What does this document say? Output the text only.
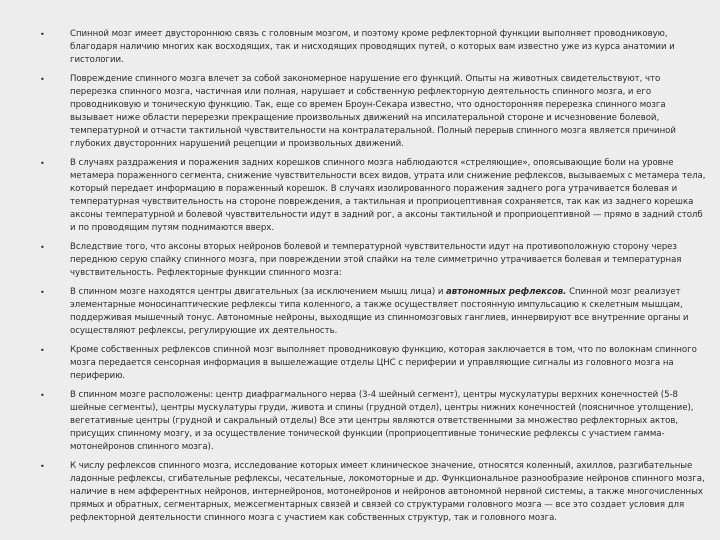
•	Спинной мозг имеет двустороннюю связь с головным мозгом, и поэтому кроме рефлекторной функции выполняет проводниковую, благодаря наличию многих как восходящих, так и нисходящих проводящих путей, о которых вам известно уже из курса анатомии и гистологии.
•	Повреждение спинного мозга влечет за собой закономерное нарушение его функций. Опыты на животных свидетельствуют, что перерезка спинного мозга, частичная или полная, нарушает и собственную рефлекторную деятельность спинного мозга, и его проводниковую и тоническую функцию. Так, еще со времен Броун-Секара известно, что односторонняя перерезка спинного мозга вызывает ниже области перерезки прекращение произвольных движений на ипсилатеральной стороне и исчезновение болевой, температурной и отчасти тактильной чувствительности на контралатеральной. Полный перерыв спинного мозга является причиной глубоких двусторонних нарушений рецепции и произвольных движений.
•	В случаях раздражения и поражения задних корешков спинного мозга наблюдаются «стреляющие», опоясывающие боли на уровне метамера пораженного сегмента, снижение чувствительности всех видов, утрата или снижение рефлексов, вызываемых с метамера тела, который передает информацию в пораженный корешок. В случаях изолированного поражения заднего рога утрачивается болевая и температурная чувствительность на стороне повреждения, а тактильная и проприоцептивная сохраняется, так как из заднего корешка аксоны температурной и болевой чувствительности идут в задний рог, а аксоны тактильной и проприоцептивной — прямо в задний столб и по проводящим путям поднимаются вверх.
•	Вследствие того, что аксоны вторых нейронов болевой и температурной чувствительности идут на противоположную сторону через переднюю серую спайку спинного мозга, при повреждении этой спайки на теле симметрично утрачивается болевая и температурная чувствительность. Рефлекторные функции спинного мозга:
•	В спинном мозге находятся центры двигательных (за исключением мышц лица) и автономных рефлексов. Спинной мозг реализует элементарные моносинаптические рефлексы типа коленного, а также осуществляет постоянную импульсацию к скелетным мышцам, поддерживая мышечный тонус. Автономные нейроны, выходящие из спинномозговых ганглиев, иннервируют все внутренние органы и осуществляют рефлексы, регулирующие их деятельность.
•	Кроме собственных рефлексов спинной мозг выполняет проводниковую функцию, которая заключается в том, что по волокнам спинного мозга передается сенсорная информация в вышележащие отделы ЦНС с периферии и управляющие сигналы из головного мозга на периферию.
•	В спинном мозге расположены: центр диафрагмального нерва (3-4 шейный сегмент), центры мускулатуры верхних конечностей (5-8 шейные сегменты), центры мускулатуры груди, живота и спины (грудной отдел), центры нижних конечностей (поясничное утолщение), вегетативные центры (грудной и сакральный отделы) Все эти центры являются ответственными за множество рефлекторных актов, присущих спинному мозгу, и за осуществление тонической функции (проприоцептивные тонические рефлексы с участием гамма-мотонейронов спинного мозга).
•	К числу рефлексов спинного мозга, исследование которых имеет клиническое значение, относятся коленный, ахиллов, разгибательные ладонные рефлексы, сгибательные рефлексы, чесательные, локомоторные и др. Функциональное разнообразие нейронов спинного мозга, наличие в нем афферентных нейронов, интернейронов, мотонейронов и нейронов автономной нервной системы, а также многочисленных прямых и обратных, сегментарных, межсегментарных связей и связей со структурами головного мозга — все это создает условия для рефлекторной деятельности спинного мозга с участием как собственных структур, так и головного мозга.
